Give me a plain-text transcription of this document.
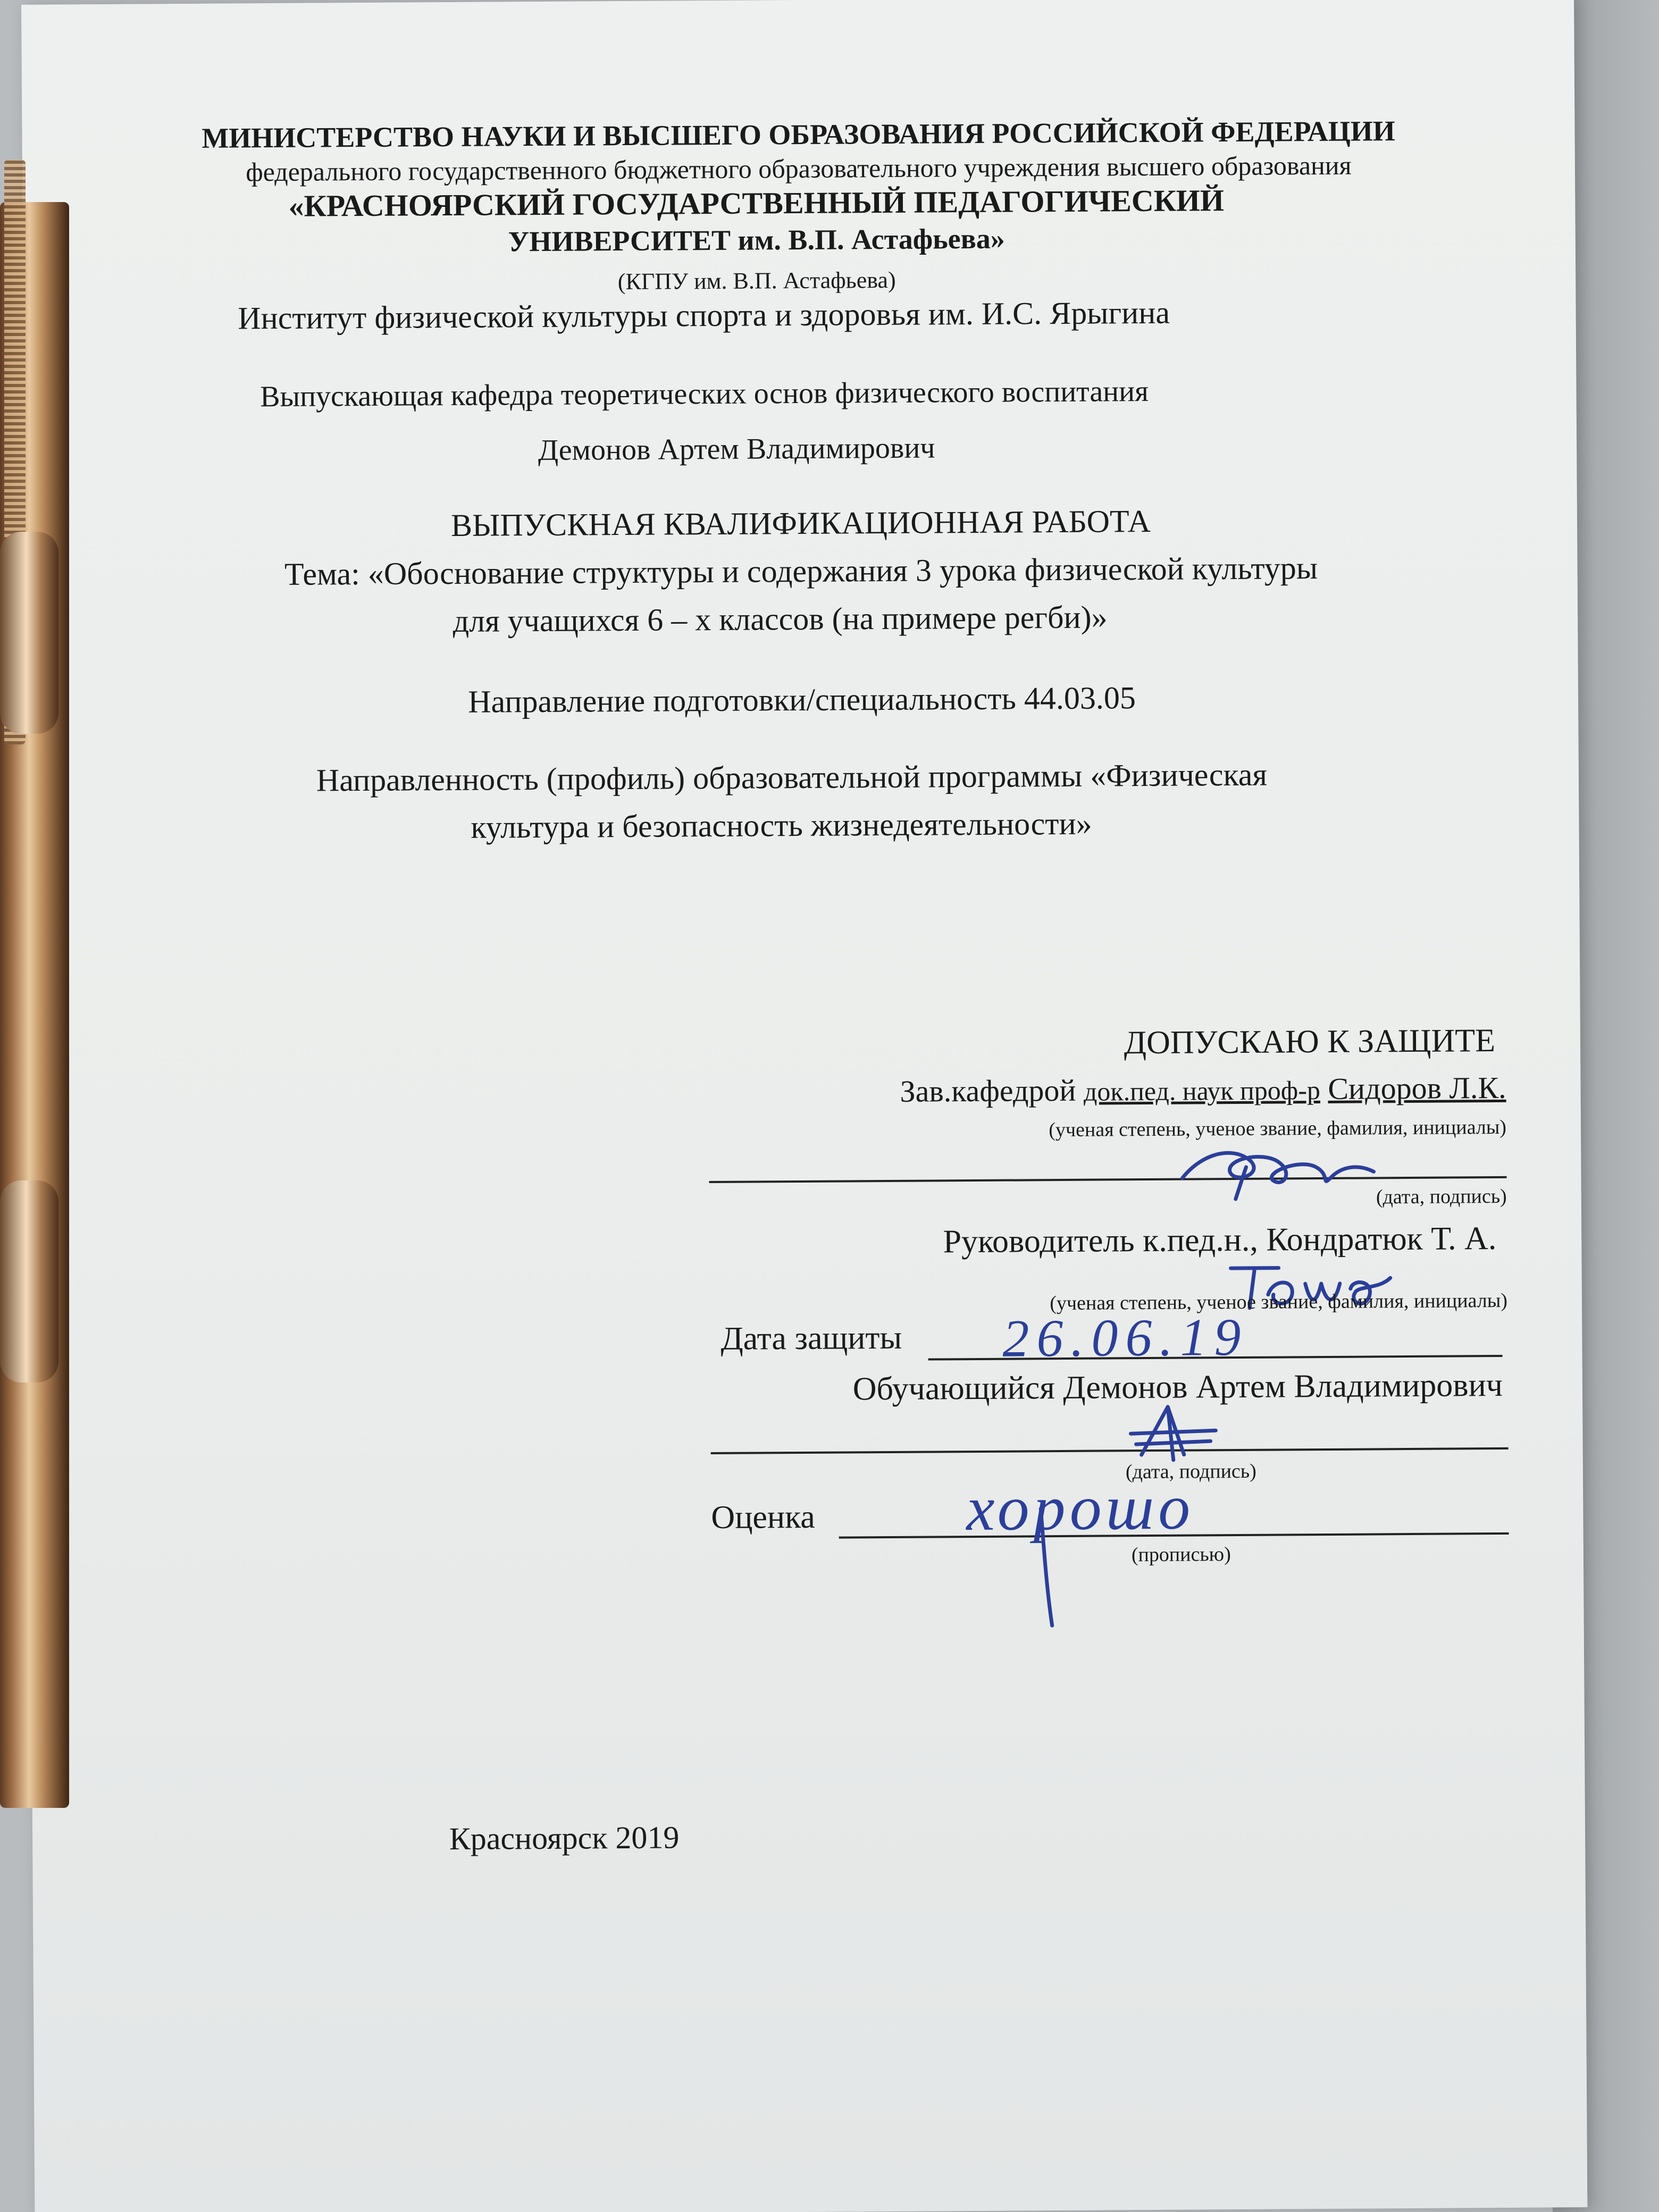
МИНИСТЕРСТВО НАУКИ И ВЫСШЕГО ОБРАЗОВАНИЯ РОССИЙСКОЙ ФЕДЕРАЦИИ
федерального государственного бюджетного образовательного учреждения высшего образования
«КРАСНОЯРСКИЙ ГОСУДАРСТВЕННЫЙ ПЕДАГОГИЧЕСКИЙ
УНИВЕРСИТЕТ им. В.П. Астафьева»
(КГПУ им. В.П. Астафьева)
Институт физической культуры спорта и здоровья им. И.С. Ярыгина
Выпускающая кафедра теоретических основ физического воспитания
Демонов Артем Владимирович
ВЫПУСКНАЯ КВАЛИФИКАЦИОННАЯ РАБОТА
Тема: «Обоснование структуры и содержания 3 урока физической культуры
для учащихся 6 – х классов (на примере регби)»
Направление подготовки/специальность 44.03.05
Направленность (профиль) образовательной программы «Физическая
культура и безопасность жизнедеятельности»
ДОПУСКАЮ К ЗАЩИТЕ
Зав.кафедрой док.пед. наук проф-р Сидоров Л.К.
(ученая степень, ученое звание, фамилия, инициалы)
(дата, подпись)
Руководитель к.пед.н., Кондратюк Т. А.
(ученая степень, ученое звание, фамилия, инициалы)
Дата защиты 26.06.19
Обучающийся Демонов Артем Владимирович
(дата, подпись)
Оценка хорошо
(прописью)
Красноярск 2019
